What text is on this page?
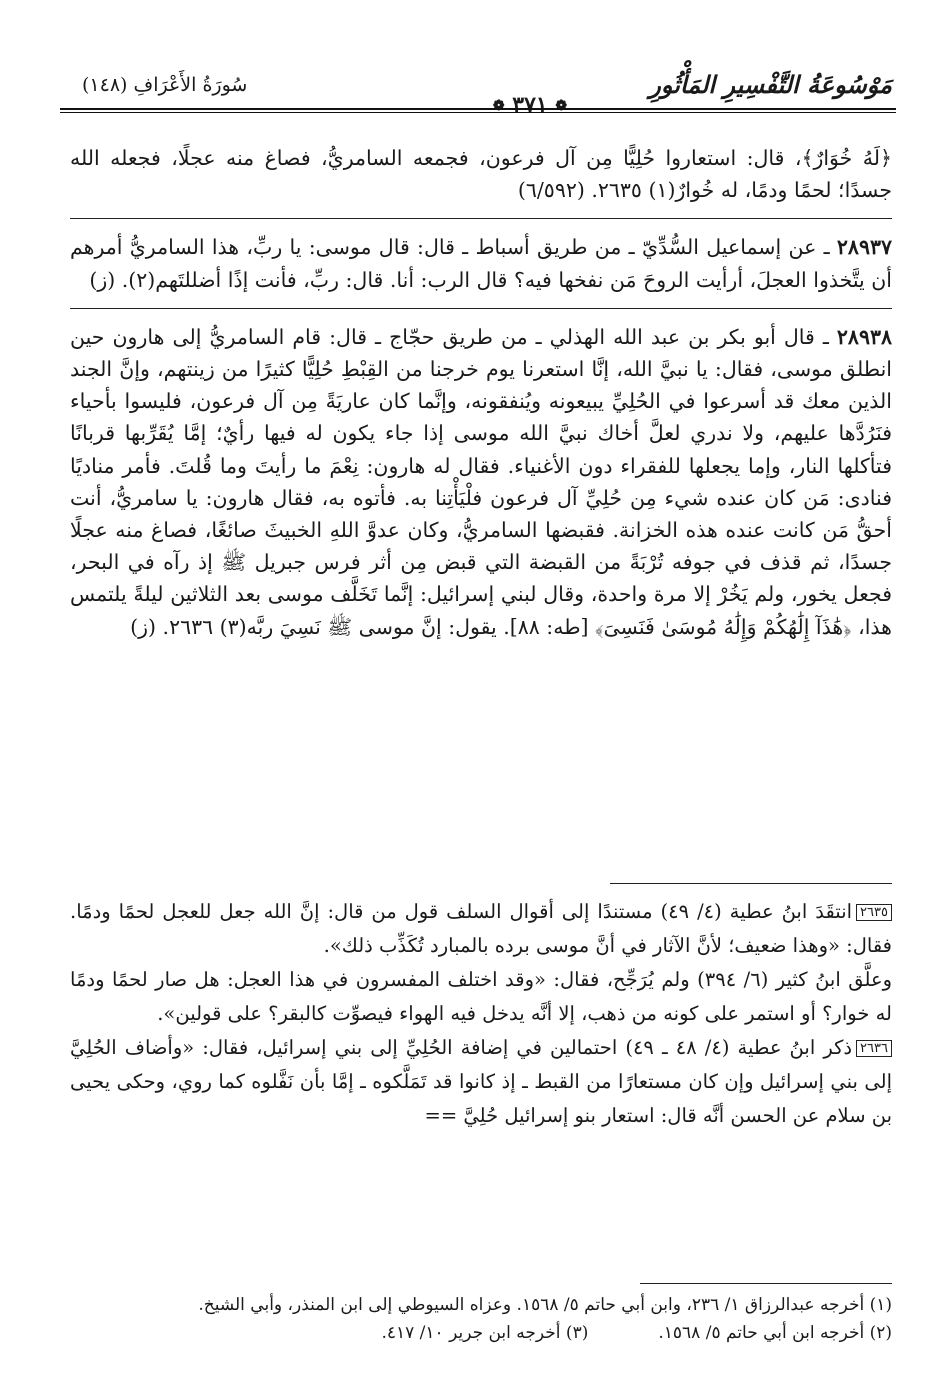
سُورَةُ الأَعْرَافِ (١٤٨)
❁ ٣٧١ ❁
مَوْسُوعَةُ التَّفْسِيرِ المَأْثُورِ

﴿لَهُ خُوَارٌ﴾، قال: استعاروا حُلِيًّا مِن آل فرعون، فجمعه السامريُّ، فصاغ منه عجلًا، فجعله الله جسدًا؛ لحمًا ودمًا، له خُوارٌ(١) ٢٦٣٥. (٦/٥٩٢)

٢٨٩٣٧ ـ عن إسماعيل السُّدِّيّ ـ من طريق أسباط ـ قال: قال موسى: يا ربِّ، هذا السامريُّ أمرهم أن يتَّخذوا العجلَ، أرأيت الروحَ مَن نفخها فيه؟ قال الرب: أنا. قال: ربِّ، فأنت إذًا أضللتَهم(٢). (ز)

٢٨٩٣٨ ـ قال أبو بكر بن عبد الله الهذلي ـ من طريق حجّاج ـ قال: قام السامريُّ إلى هارون حين انطلق موسى، فقال: يا نبيَّ الله، إنَّا استعرنا يوم خرجنا من القِبْطِ حُلِيًّا كثيرًا من زينتهم، وإنَّ الجند الذين معك قد أسرعوا في الحُلِيِّ يبيعونه ويُنفقونه، وإنَّما كان عاريَةً مِن آل فرعون، فليسوا بأحياء فنَرُدَّها عليهم، ولا ندري لعلَّ أخاك نبيَّ الله موسى إذا جاء يكون له فيها رأيٌ؛ إمَّا يُقَرِّبها قربانًا فتأكلها النار، وإما يجعلها للفقراء دون الأغنياء. فقال له هارون: نِعْمَ ما رأيتَ وما قُلتَ. فأمر مناديًا فنادى: مَن كان عنده شيء مِن حُلِيِّ آل فرعون فلْيَأْتِنا به. فأتوه به، فقال هارون: يا سامريُّ، أنت أحقُّ مَن كانت عنده هذه الخزانة. فقبضها السامريُّ، وكان عدوَّ اللهِ الخبيثَ صائغًا، فصاغ منه عجلًا جسدًا، ثم قذف في جوفه تُرْبَةً من القبضة التي قبض مِن أثر فرس جبريل ﷺ إذ رآه في البحر، فجعل يخور، ولم يَخُرْ إلا مرة واحدة، وقال لبني إسرائيل: إنَّما تَخَلَّف موسى بعد الثلاثين ليلةً يلتمس هذا، ﴿هَٰذَآ إِلَٰهُكُمْ وَإِلَٰهُ مُوسَىٰ فَنَسِىَ﴾ [طه: ٨٨]. يقول: إنَّ موسى ﷺ نَسِيَ ربَّه(٣) ٢٦٣٦. (ز)

٢٦٣٥انتقَدَ ابنُ عطية (٤/ ٤٩) مستندًا إلى أقوال السلف قول من قال: إنَّ الله جعل للعجل لحمًا ودمًا. فقال: «وهذا ضعيف؛ لأنَّ الآثار في أنَّ موسى برده بالمبارد تُكَذِّب ذلك».

وعلَّق ابنُ كثير (٦/ ٣٩٤) ولم يُرَجِّح، فقال: «وقد اختلف المفسرون في هذا العجل: هل صار لحمًا ودمًا له خوار؟ أو استمر على كونه من ذهب، إلا أنَّه يدخل فيه الهواء فيصوِّت كالبقر؟ على قولين».

٢٦٣٦ذكر ابنُ عطية (٤/ ٤٨ ـ ٤٩) احتمالين في إضافة الحُلِيِّ إلى بني إسرائيل، فقال: «وأضاف الحُلِيَّ إلى بني إسرائيل وإن كان مستعارًا من القبط ـ إذ كانوا قد تَمَلَّكوه ـ إمَّا بأن نَفَّلوه كما روي، وحكى يحيى بن سلام عن الحسن أنَّه قال: استعار بنو إسرائيل حُلِيَّ ==

(١) أخرجه عبدالرزاق ١/ ٢٣٦، وابن أبي حاتم ٥/ ١٥٦٨. وعزاه السيوطي إلى ابن المنذر، وأبي الشيخ.
(٢) أخرجه ابن أبي حاتم ٥/ ١٥٦٨.
(٣) أخرجه ابن جرير ١٠/ ٤١٧.
